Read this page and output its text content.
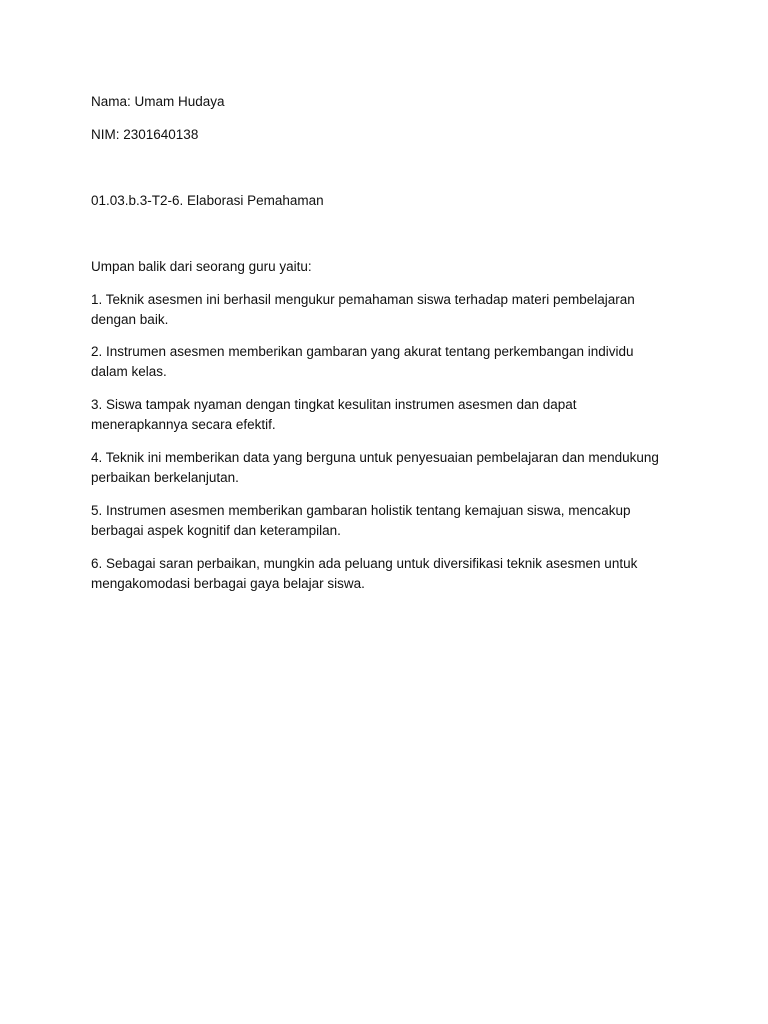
Nama: Umam Hudaya

NIM: 2301640138

01.03.b.3-T2-6. Elaborasi Pemahaman

Umpan balik dari seorang guru yaitu:

1. Teknik asesmen ini berhasil mengukur pemahaman siswa terhadap materi pembelajaran
dengan baik.
2. Instrumen asesmen memberikan gambaran yang akurat tentang perkembangan individu
dalam kelas.
3. Siswa tampak nyaman dengan tingkat kesulitan instrumen asesmen dan dapat
menerapkannya secara efektif.
4. Teknik ini memberikan data yang berguna untuk penyesuaian pembelajaran dan mendukung
perbaikan berkelanjutan.
5. Instrumen asesmen memberikan gambaran holistik tentang kemajuan siswa, mencakup
berbagai aspek kognitif dan keterampilan.
6. Sebagai saran perbaikan, mungkin ada peluang untuk diversifikasi teknik asesmen untuk
mengakomodasi berbagai gaya belajar siswa.
